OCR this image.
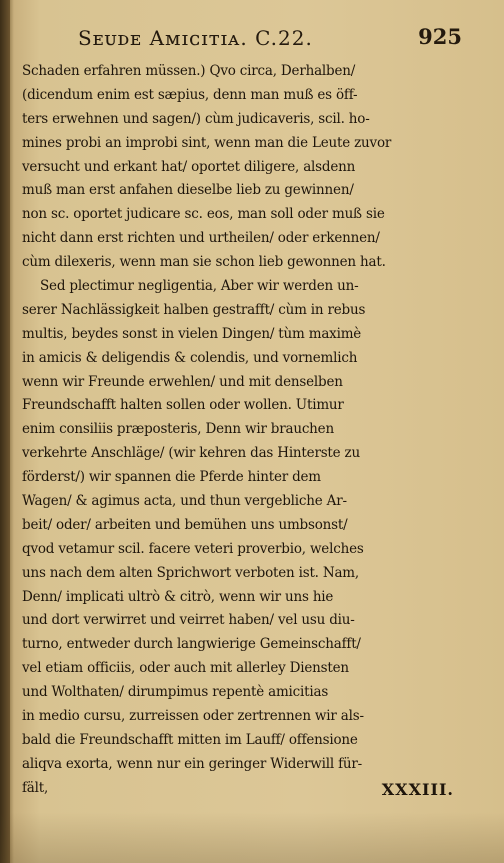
Sᴇᴜᴅᴇ Aᴍɪᴄɪᴛɪᴀ. C.22.	925
Schaden erfahren müssen.) Qvo circa, Derhalben/
(dicendum enim est sæpius, denn man muß es öff-
ters erwehnen und sagen/) cùm judicaveris, scil. ho-
mines probi an improbi sint, wenn man die Leute zuvor
versucht und erkant hat/ oportet diligere, alsdenn
muß man erst anfahen dieselbe lieb zu gewinnen/
non sc. oportet judicare sc. eos, man soll oder muß sie
nicht dann erst richten und urtheilen/ oder erkennen/
cùm dilexeris, wenn man sie schon lieb gewonnen hat.
Sed plectimur negligentia, Aber wir werden un-
serer Nachlässigkeit halben gestrafft/ cùm in rebus
multis, beydes sonst in vielen Dingen/ tùm maximè
in amicis & deligendis & colendis, und vornemlich
wenn wir Freunde erwehlen/ und mit denselben
Freundschafft halten sollen oder wollen. Utimur
enim consiliis præposteris, Denn wir brauchen
verkehrte Anschläge/ (wir kehren das Hinterste zu
förderst/) wir spannen die Pferde hinter dem
Wagen/ & agimus acta, und thun vergebliche Ar-
beit/ oder/ arbeiten und bemühen uns umbsonst/
qvod vetamur scil. facere veteri proverbio, welches
uns nach dem alten Sprichwort verboten ist. Nam,
Denn/ implicati ultrò & citrò, wenn wir uns hie
und dort verwirret und veirret haben/ vel usu diu-
turno, entweder durch langwierige Gemeinschafft/
vel etiam officiis, oder auch mit allerley Diensten
und Wolthaten/ dirumpimus repentè amicitias
in medio cursu, zurreissen oder zertrennen wir als-
bald die Freundschafft mitten im Lauff/ offensione
aliqva exorta, wenn nur ein geringer Widerwill für-
fält,	XXXIII.
